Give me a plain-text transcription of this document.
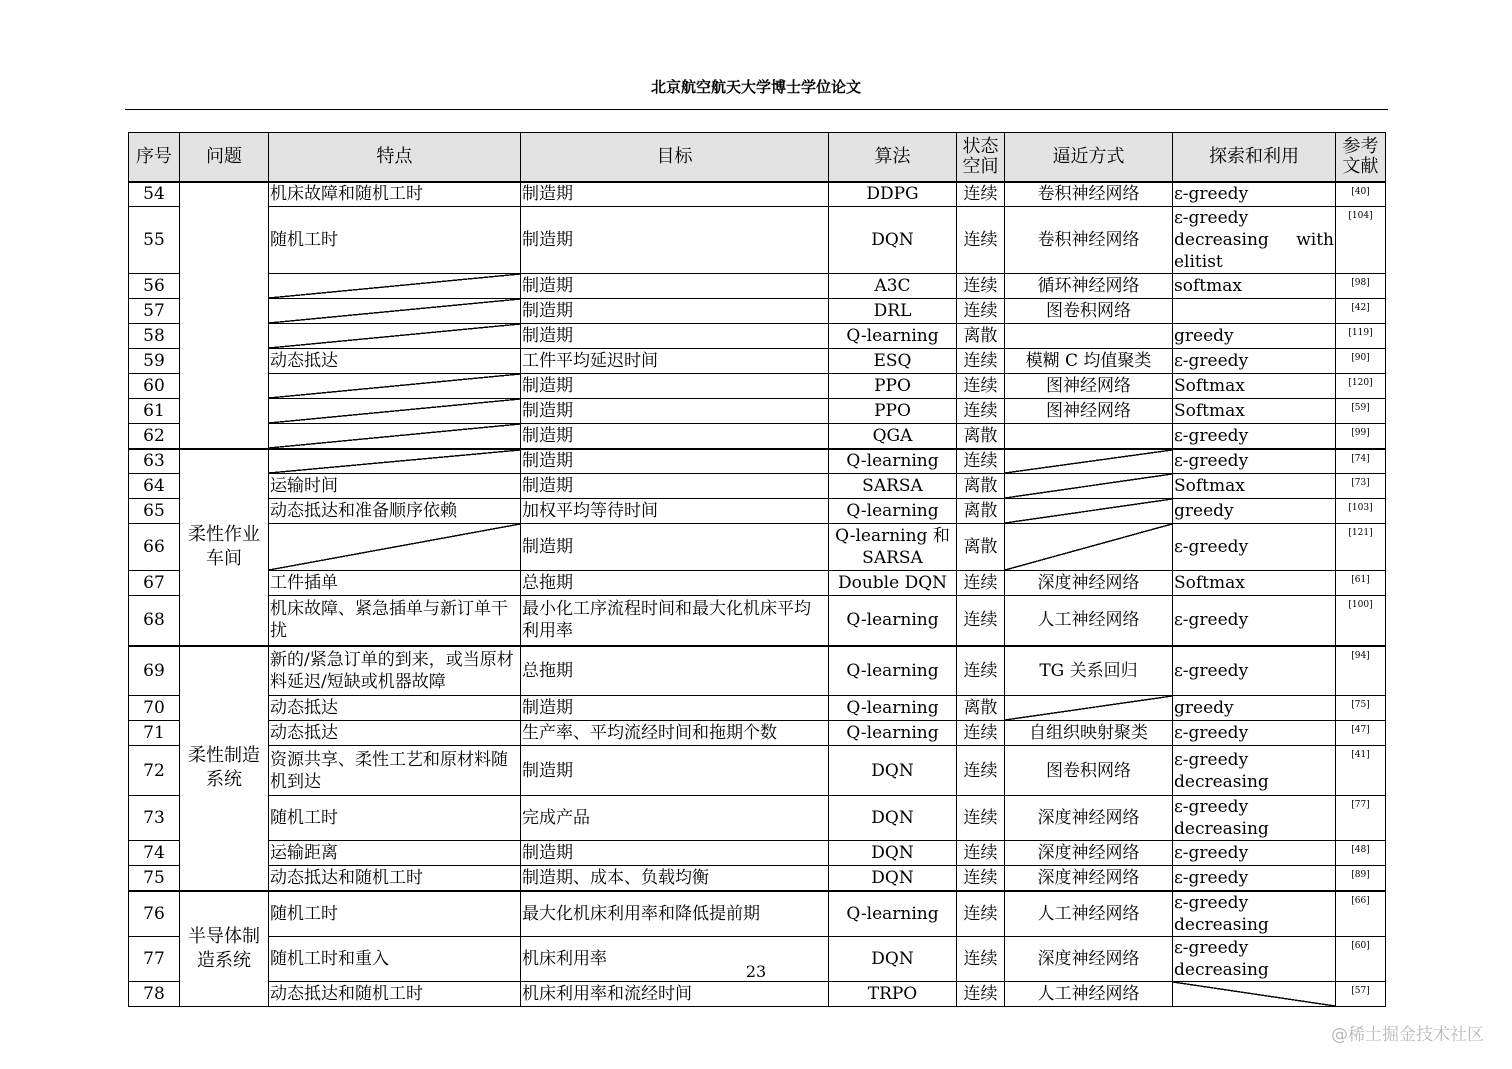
北京航空航天大学博士学位论文
序号	问题	特点	目标	算法	状态空间	逼近方式	探索和利用	参考文献
54		机床故障和随机工时	制造期	DDPG	连续	卷积神经网络	ε-greedy	[40]
55		随机工时	制造期	DQN	连续	卷积神经网络	ε-greedy decreasing with elitist	[104]
56			制造期	A3C	连续	循环神经网络	softmax	[98]
57			制造期	DRL	连续	图卷积网络		[42]
58			制造期	Q-learning	离散		greedy	[119]
59		动态抵达	工件平均延迟时间	ESQ	连续	模糊 C 均值聚类	ε-greedy	[90]
60			制造期	PPO	连续	图神经网络	Softmax	[120]
61			制造期	PPO	连续	图神经网络	Softmax	[59]
62			制造期	QGA	离散		ε-greedy	[99]
63	柔性作业车间		制造期	Q-learning	连续		ε-greedy	[74]
64		运输时间	制造期	SARSA	离散		Softmax	[73]
65		动态抵达和准备顺序依赖	加权平均等待时间	Q-learning	离散		greedy	[103]
66			制造期	Q-learning 和 SARSA	离散		ε-greedy	[121]
67		工件插单	总拖期	Double DQN	连续	深度神经网络	Softmax	[61]
68		机床故障、紧急插单与新订单干扰	最小化工序流程时间和最大化机床平均利用率	Q-learning	连续	人工神经网络	ε-greedy	[100]
69	柔性制造系统	新的/紧急订单的到来，或当原材料延迟/短缺或机器故障	总拖期	Q-learning	连续	TG 关系回归	ε-greedy	[94]
70		动态抵达	制造期	Q-learning	离散		greedy	[75]
71		动态抵达	生产率、平均流经时间和拖期个数	Q-learning	连续	自组织映射聚类	ε-greedy	[47]
72		资源共享、柔性工艺和原材料随机到达	制造期	DQN	连续	图卷积网络	ε-greedy decreasing	[41]
73		随机工时	完成产品	DQN	连续	深度神经网络	ε-greedy decreasing	[77]
74		运输距离	制造期	DQN	连续	深度神经网络	ε-greedy	[48]
75		动态抵达和随机工时	制造期、成本、负载均衡	DQN	连续	深度神经网络	ε-greedy	[89]
76	半导体制造系统	随机工时	最大化机床利用率和降低提前期	Q-learning	连续	人工神经网络	ε-greedy decreasing	[66]
77		随机工时和重入	机床利用率	DQN	连续	深度神经网络	ε-greedy decreasing	[60]
78		动态抵达和随机工时	机床利用率和流经时间	TRPO	连续	人工神经网络		[57]
23
@稀土掘金技术社区
